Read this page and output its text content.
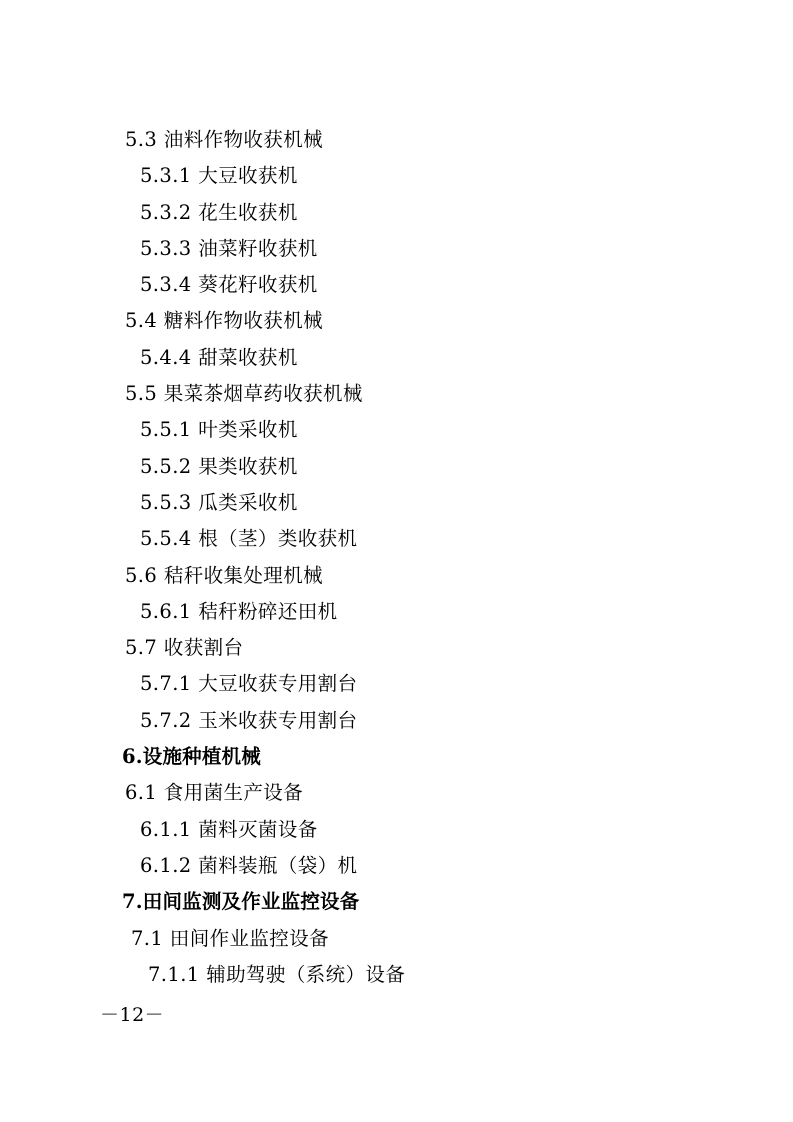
5.3 油料作物收获机械
5.3.1 大豆收获机
5.3.2 花生收获机
5.3.3 油菜籽收获机
5.3.4 葵花籽收获机
5.4 糖料作物收获机械
5.4.4 甜菜收获机
5.5 果菜茶烟草药收获机械
5.5.1 叶类采收机
5.5.2 果类收获机
5.5.3 瓜类采收机
5.5.4 根（茎）类收获机
5.6 秸秆收集处理机械
5.6.1 秸秆粉碎还田机
5.7 收获割台
5.7.1 大豆收获专用割台
5.7.2 玉米收获专用割台
6.设施种植机械
6.1 食用菌生产设备
6.1.1 菌料灭菌设备
6.1.2 菌料装瓶（袋）机
7.田间监测及作业监控设备
7.1 田间作业监控设备
7.1.1 辅助驾驶（系统）设备
－12－
